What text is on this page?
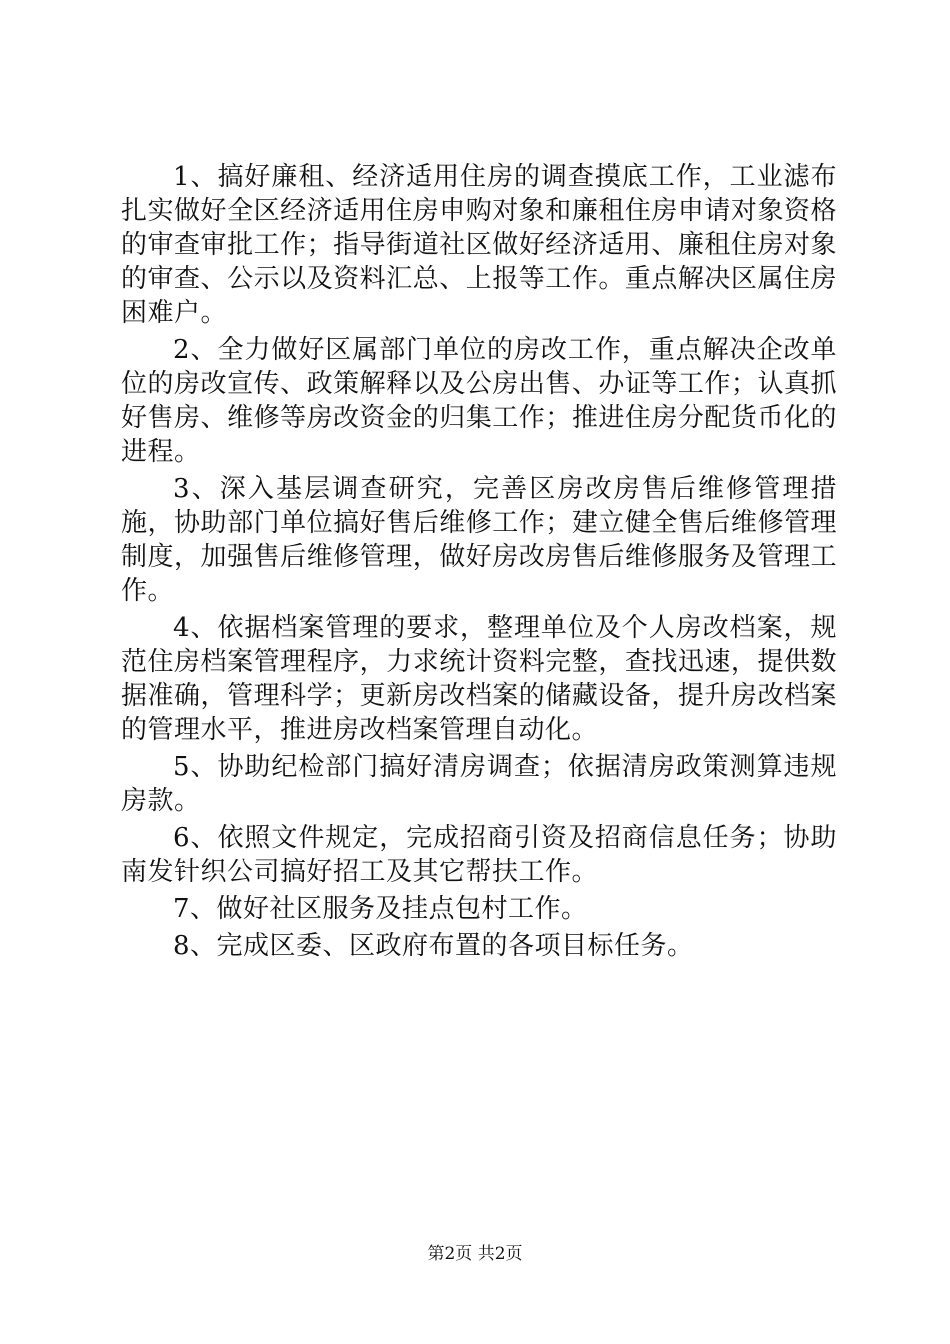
1、搞好廉租、经济适用住房的调查摸底工作，工业滤布扎实做好全区经济适用住房申购对象和廉租住房申请对象资格的审查审批工作；指导街道社区做好经济适用、廉租住房对象的审查、公示以及资料汇总、上报等工作。重点解决区属住房困难户。

2、全力做好区属部门单位的房改工作，重点解决企改单位的房改宣传、政策解释以及公房出售、办证等工作；认真抓好售房、维修等房改资金的归集工作；推进住房分配货币化的进程。

3、深入基层调查研究，完善区房改房售后维修管理措施，协助部门单位搞好售后维修工作；建立健全售后维修管理制度，加强售后维修管理，做好房改房售后维修服务及管理工作。

4、依据档案管理的要求，整理单位及个人房改档案，规范住房档案管理程序，力求统计资料完整，查找迅速，提供数据准确，管理科学；更新房改档案的储藏设备，提升房改档案的管理水平，推进房改档案管理自动化。

5、协助纪检部门搞好清房调查；依据清房政策测算违规房款。

6、依照文件规定，完成招商引资及招商信息任务；协助南发针织公司搞好招工及其它帮扶工作。

7、做好社区服务及挂点包村工作。

8、完成区委、区政府布置的各项目标任务。

第2页 共2页
